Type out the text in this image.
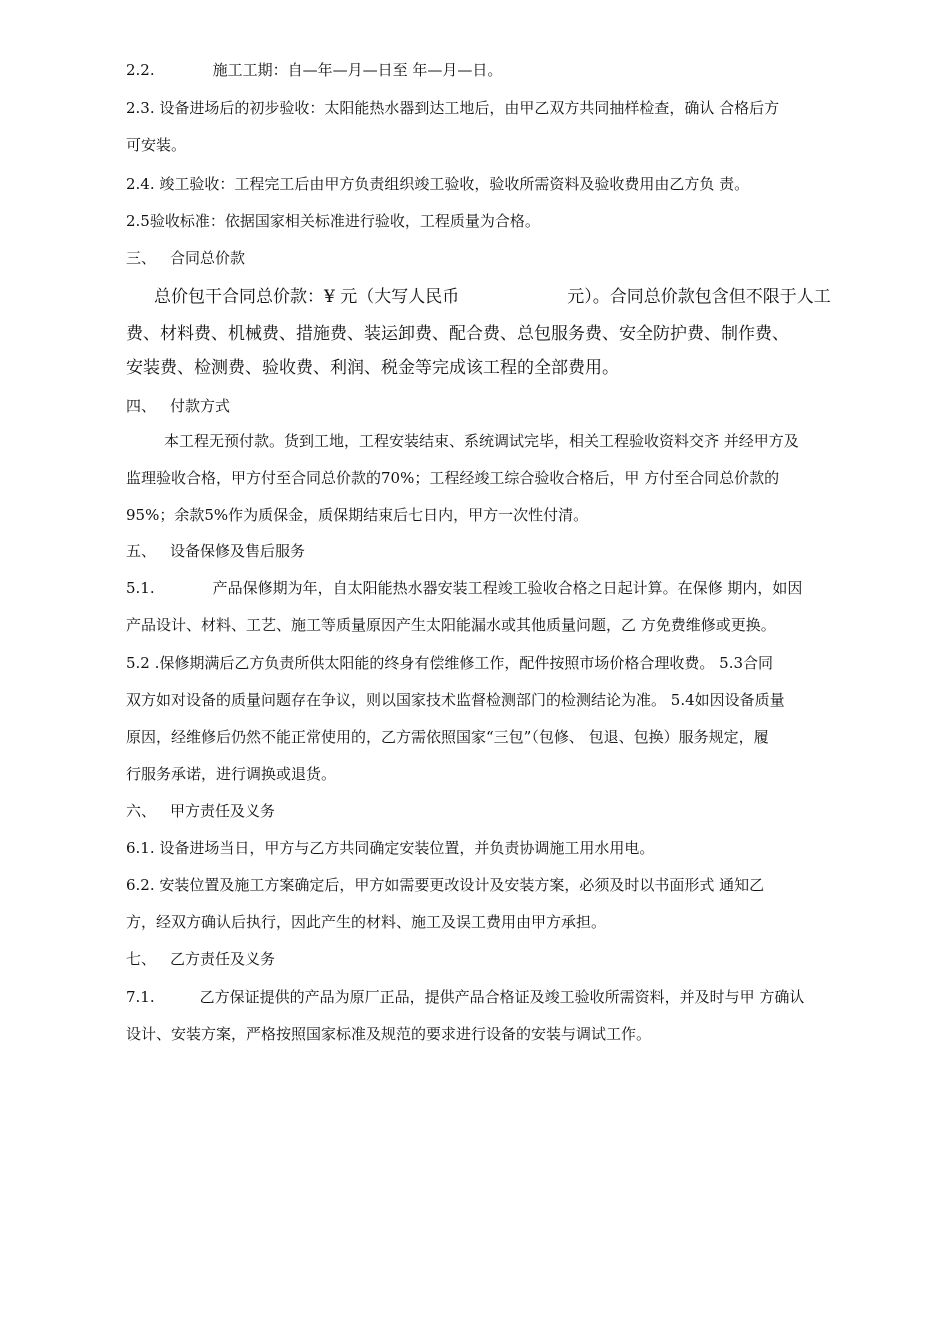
2.2.	施工工期：自—年—月—日至 年—月—日。
2.3. 设备进场后的初步验收：太阳能热水器到达工地后，由甲乙双方共同抽样检查，确认 合格后方
可安装。
2.4. 竣工验收：工程完工后由甲方负责组织竣工验收，验收所需资料及验收费用由乙方负 责。
2.5验收标准：依据国家相关标准进行验收，工程质量为合格。
三、 合同总价款
总价包干合同总价款：¥ 元（大写人民币	元）。合同总价款包含但不限于人工
费、材料费、机械费、措施费、装运卸费、配合费、总包服务费、安全防护费、制作费、
安装费、检测费、验收费、利润、税金等完成该工程的全部费用。
四、 付款方式
本工程无预付款。货到工地，工程安装结束、系统调试完毕，相关工程验收资料交齐 并经甲方及
监理验收合格，甲方付至合同总价款的70%；工程经竣工综合验收合格后，甲 方付至合同总价款的
95%；余款5%作为质保金，质保期结束后七日内，甲方一次性付清。
五、 设备保修及售后服务
5.1.	产品保修期为年，自太阳能热水器安装工程竣工验收合格之日起计算。在保修 期内，如因
产品设计、材料、工艺、施工等质量原因产生太阳能漏水或其他质量问题，乙 方免费维修或更换。
5.2 .保修期满后乙方负责所供太阳能的终身有偿维修工作，配件按照市场价格合理收费。 5.3合同
双方如对设备的质量问题存在争议，则以国家技术监督检测部门的检测结论为准。 5.4如因设备质量
原因，经维修后仍然不能正常使用的，乙方需依照国家“三包”（包修、 包退、包换）服务规定，履
行服务承诺，进行调换或退货。
六、 甲方责任及义务
6.1. 设备进场当日，甲方与乙方共同确定安装位置，并负责协调施工用水用电。
6.2. 安装位置及施工方案确定后，甲方如需要更改设计及安装方案，必须及时以书面形式 通知乙
方，经双方确认后执行，因此产生的材料、施工及误工费用由甲方承担。
七、 乙方责任及义务
7.1.	乙方保证提供的产品为原厂正品，提供产品合格证及竣工验收所需资料，并及时与甲 方确认
设计、安装方案，严格按照国家标准及规范的要求进行设备的安装与调试工作。
